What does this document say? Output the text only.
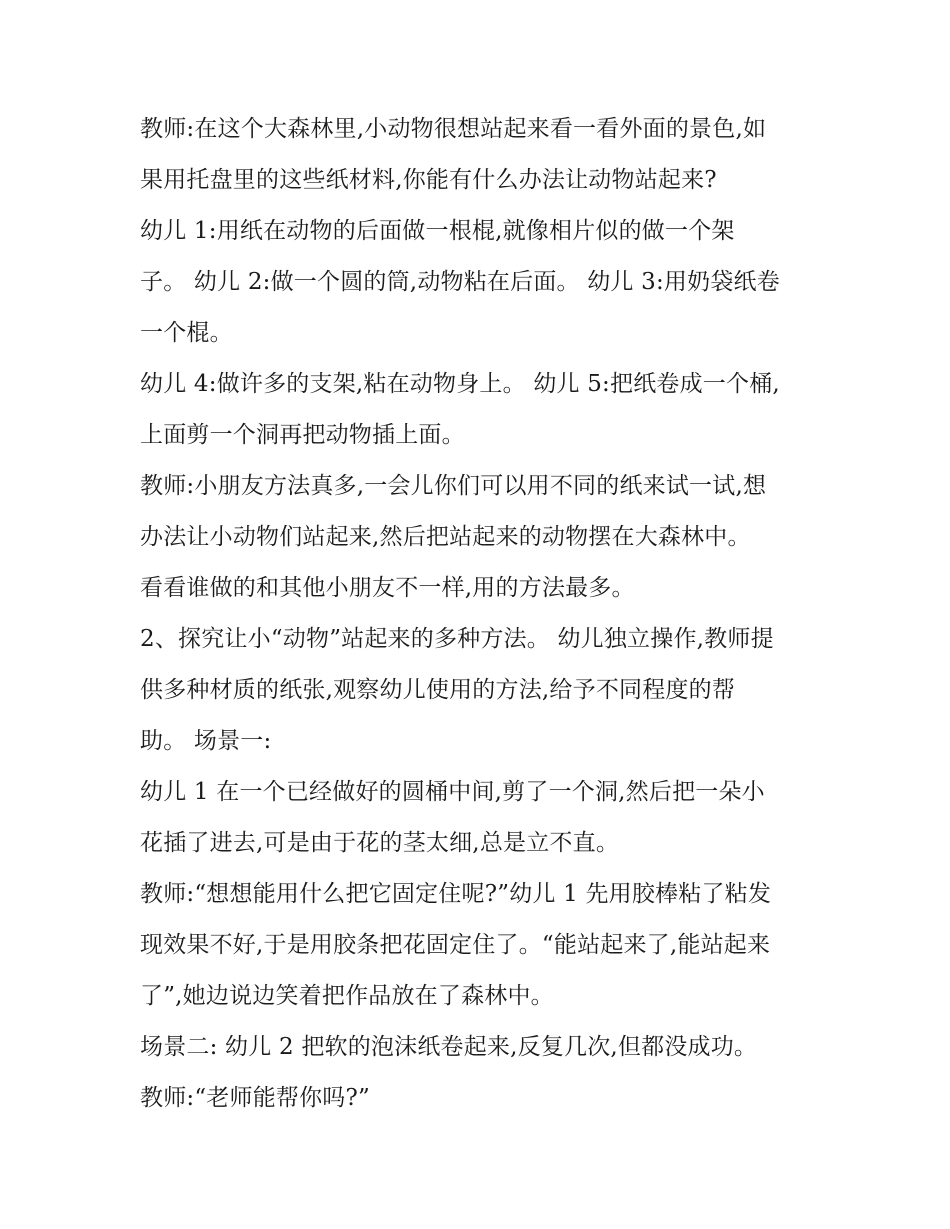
教师:在这个大森林里,小动物很想站起来看一看外面的景色,如
果用托盘里的这些纸材料,你能有什么办法让动物站起来?
幼儿 1:用纸在动物的后面做一根棍,就像相片似的做一个架
子。 幼儿 2:做一个圆的筒,动物粘在后面。 幼儿 3:用奶袋纸卷
一个棍。
幼儿 4:做许多的支架,粘在动物身上。 幼儿 5:把纸卷成一个桶,
上面剪一个洞再把动物插上面。
教师:小朋友方法真多,一会儿你们可以用不同的纸来试一试,想
办法让小动物们站起来,然后把站起来的动物摆在大森林中。
看看谁做的和其他小朋友不一样,用的方法最多。
2、探究让小“动物”站起来的多种方法。 幼儿独立操作,教师提
供多种材质的纸张,观察幼儿使用的方法,给予不同程度的帮
助。 场景一:
幼儿 1 在一个已经做好的圆桶中间,剪了一个洞,然后把一朵小
花插了进去,可是由于花的茎太细,总是立不直。
教师:“想想能用什么把它固定住呢?”幼儿 1 先用胶棒粘了粘发
现效果不好,于是用胶条把花固定住了。“能站起来了,能站起来
了”,她边说边笑着把作品放在了森林中。
场景二: 幼儿 2 把软的泡沫纸卷起来,反复几次,但都没成功。
教师:“老师能帮你吗?”
